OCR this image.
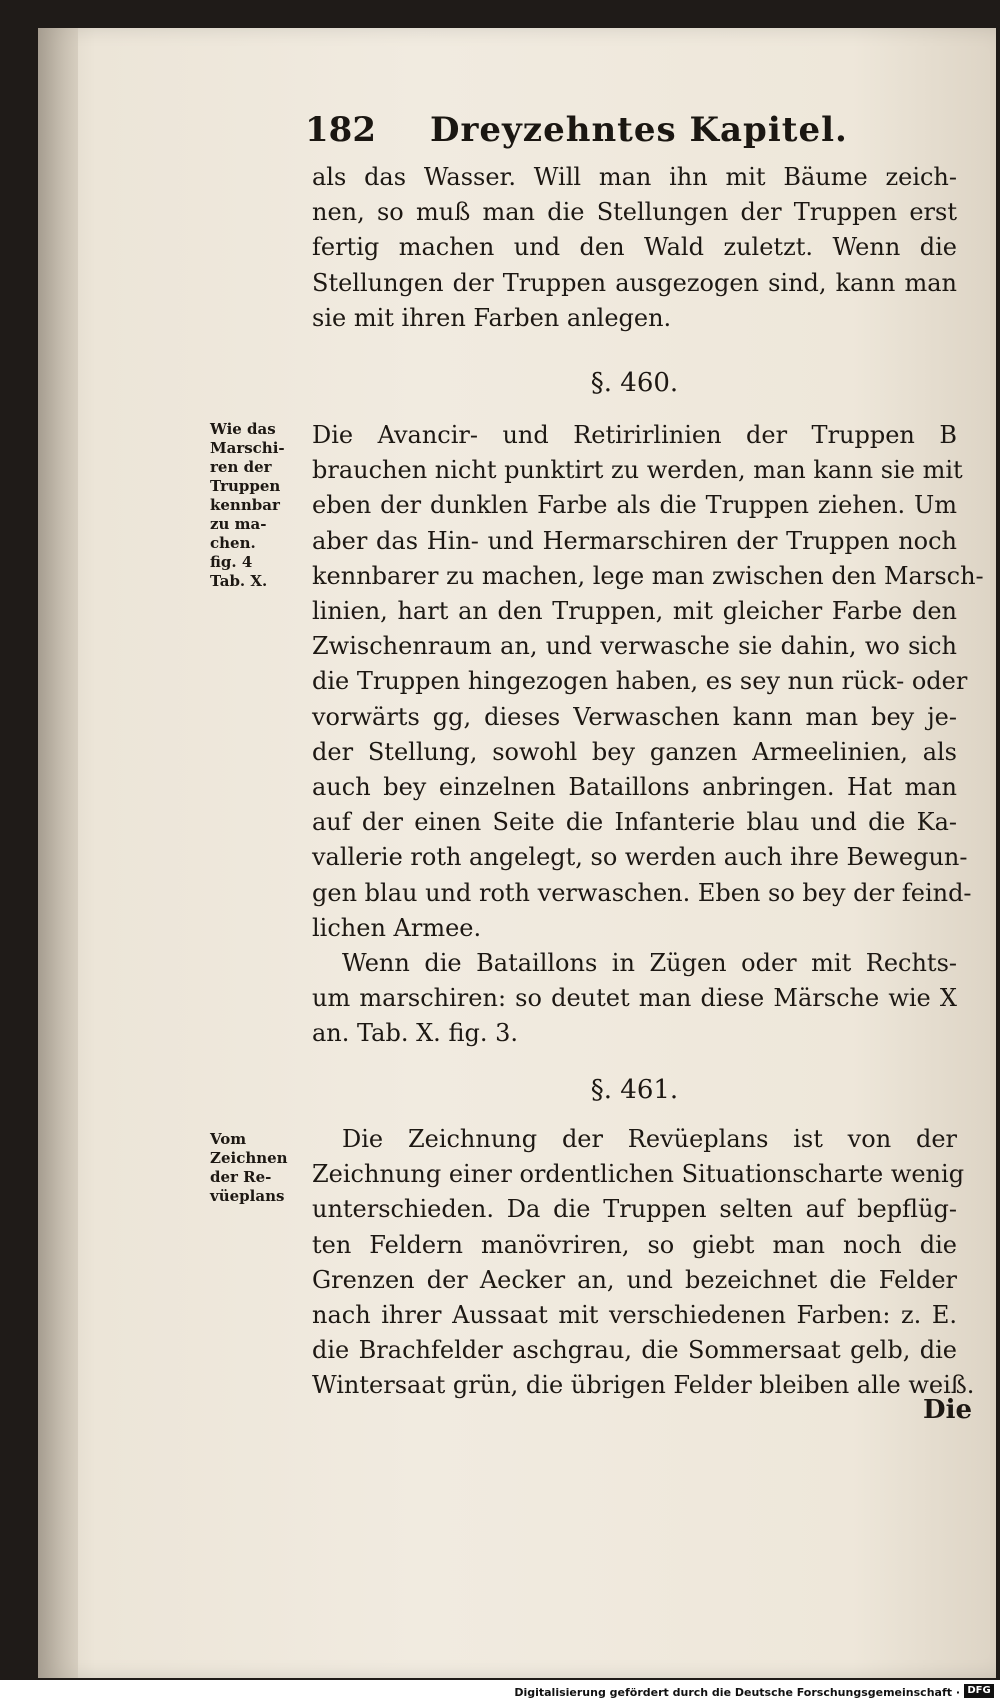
182 Dreyzehntes Kapitel.
als das Wasser. Will man ihn mit Bäume zeich-
nen, so muß man die Stellungen der Truppen erst
fertig machen und den Wald zuletzt. Wenn die
Stellungen der Truppen ausgezogen sind, kann man
sie mit ihren Farben anlegen.
§. 460.
Wie das
Marschi-
ren der
Truppen
kennbar
zu ma-
chen.
fig. 4
Tab. X.
Die Avancir- und Retirirlinien der Truppen B
brauchen nicht punktirt zu werden, man kann sie mit
eben der dunklen Farbe als die Truppen ziehen. Um
aber das Hin- und Hermarschiren der Truppen noch
kennbarer zu machen, lege man zwischen den Marsch-
linien, hart an den Truppen, mit gleicher Farbe den
Zwischenraum an, und verwasche sie dahin, wo sich
die Truppen hingezogen haben, es sey nun rück- oder
vorwärts gg, dieses Verwaschen kann man bey je-
der Stellung, sowohl bey ganzen Armeelinien, als
auch bey einzelnen Bataillons anbringen. Hat man
auf der einen Seite die Infanterie blau und die Ka-
vallerie roth angelegt, so werden auch ihre Bewegun-
gen blau und roth verwaschen. Eben so bey der feind-
lichen Armee.
Wenn die Bataillons in Zügen oder mit Rechts-
um marschiren: so deutet man diese Märsche wie X
an. Tab. X. fig. 3.
§. 461.
Vom
Zeichnen
der Re-
vüeplans
Die Zeichnung der Revüeplans ist von der
Zeichnung einer ordentlichen Situationscharte wenig
unterschieden. Da die Truppen selten auf bepflüg-
ten Feldern manövriren, so giebt man noch die
Grenzen der Aecker an, und bezeichnet die Felder
nach ihrer Aussaat mit verschiedenen Farben: z. E.
die Brachfelder aschgrau, die Sommersaat gelb, die
Wintersaat grün, die übrigen Felder bleiben alle weiß.
Die
Digitalisierung gefördert durch die Deutsche Forschungsgemeinschaft · DFG
